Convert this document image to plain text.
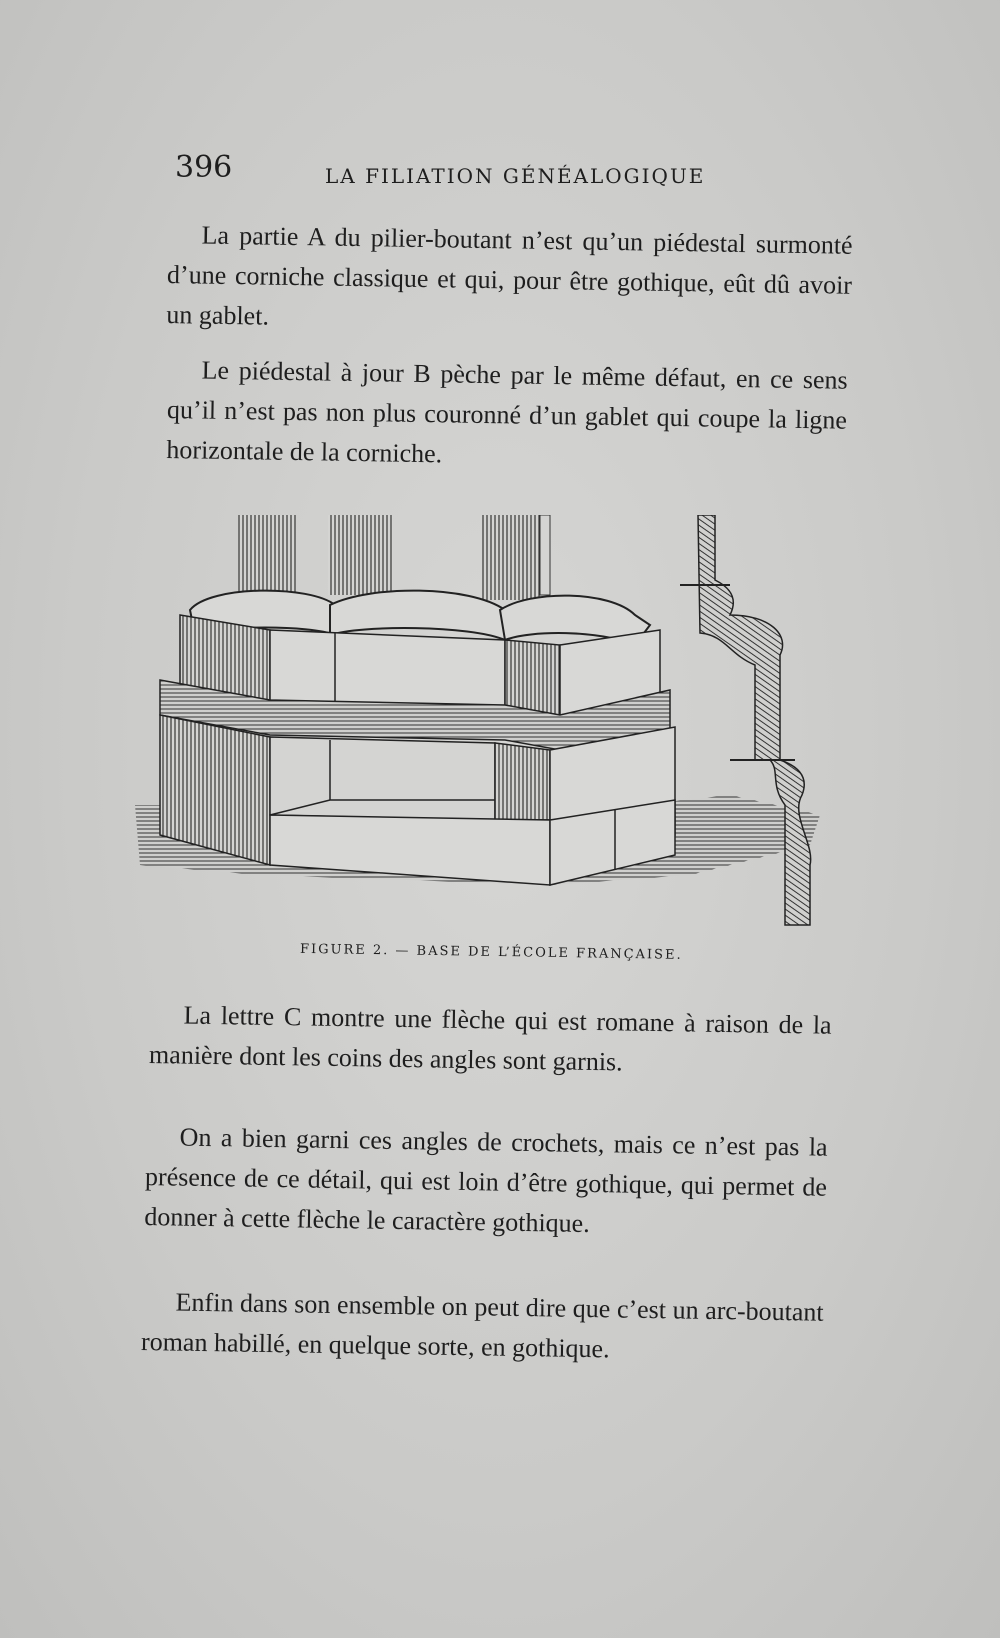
396	LA FILIATION GÉNÉALOGIQUE

La partie A du pilier-boutant n’est qu’un piédestal surmonté d’une corniche classique et qui, pour être gothique, eût dû avoir un gablet.

Le piédestal à jour B pèche par le même défaut, en ce sens qu’il n’est pas non plus couronné d’un gablet qui coupe la ligne horizontale de la corniche.

FIGURE 2. — BASE DE L’ÉCOLE FRANÇAISE.

La lettre C montre une flèche qui est romane à raison de la manière dont les coins des angles sont garnis.

On a bien garni ces angles de crochets, mais ce n’est pas la présence de ce détail, qui est loin d’être gothique, qui permet de donner à cette flèche le caractère gothique.

Enfin dans son ensemble on peut dire que c’est un arc-boutant roman habillé, en quelque sorte, en gothique.
